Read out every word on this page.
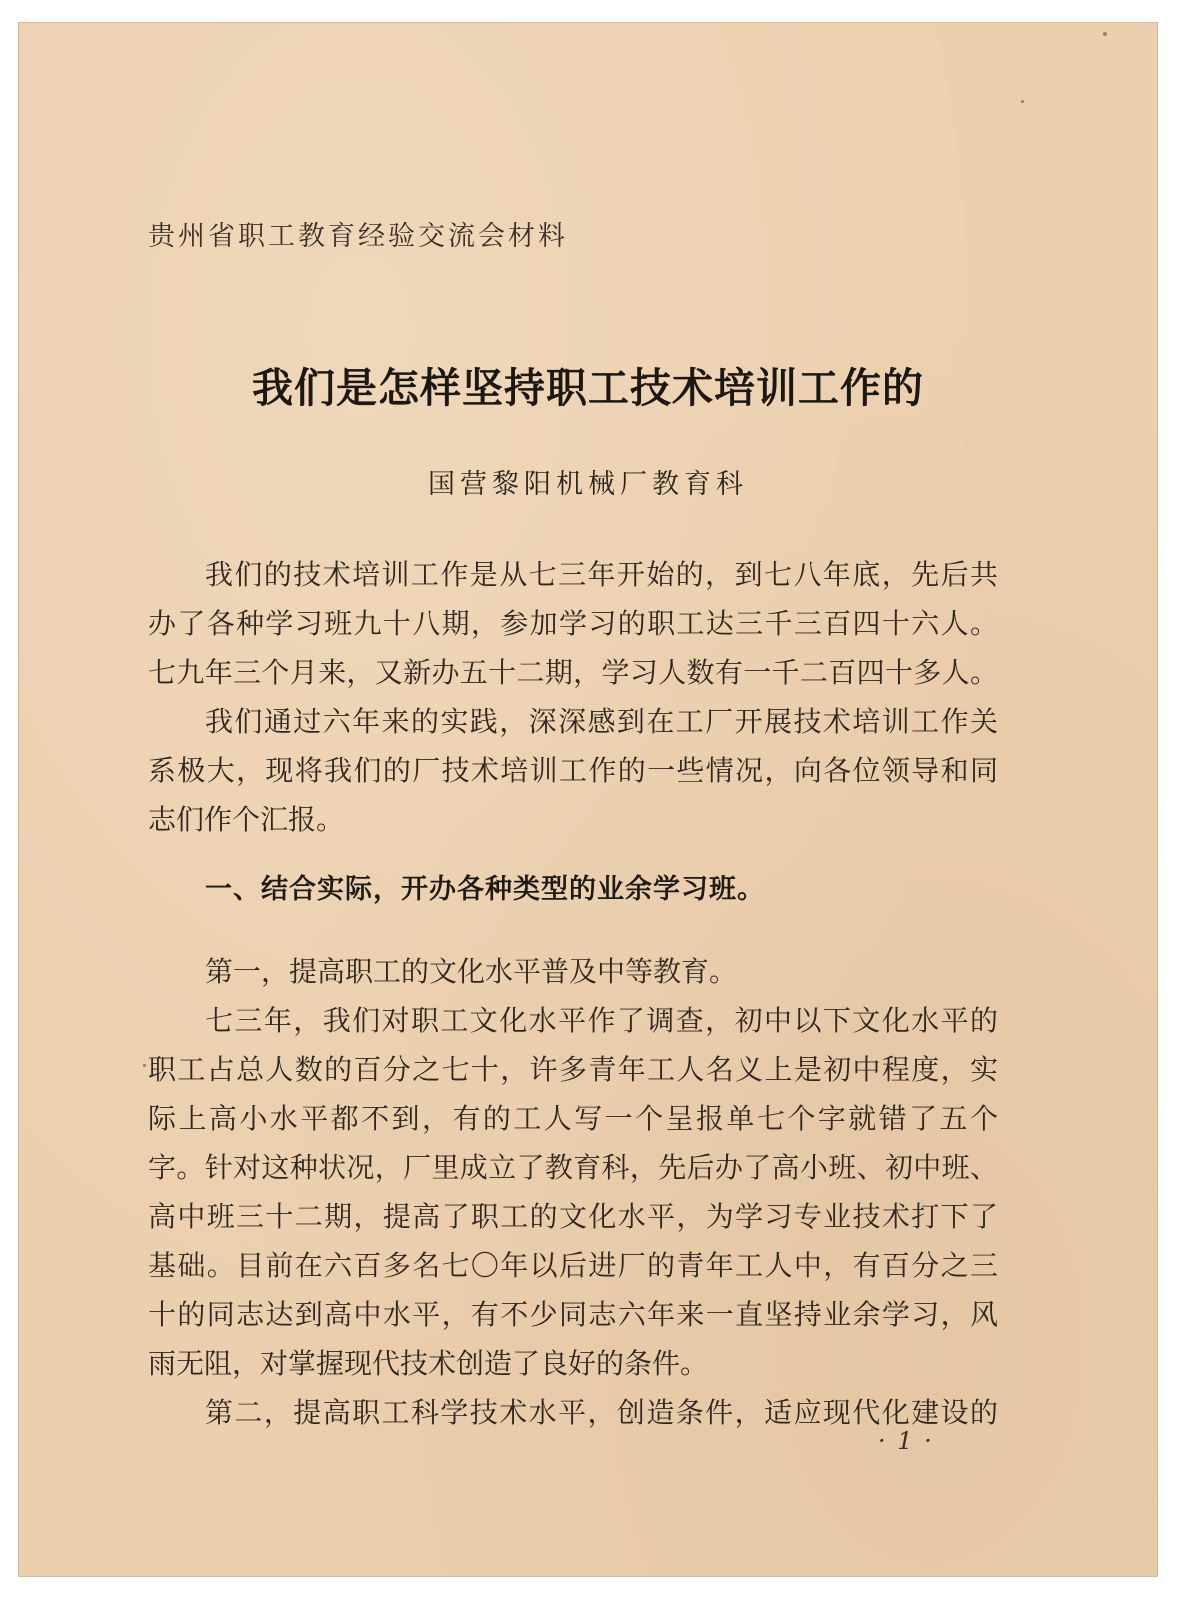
贵州省职工教育经验交流会材料
我们是怎样坚持职工技术培训工作的
国营黎阳机械厂教育科
我们的技术培训工作是从七三年开始的，到七八年底，先后共
办了各种学习班九十八期，参加学习的职工达三千三百四十六人。
七九年三个月来，又新办五十二期，学习人数有一千二百四十多人。
我们通过六年来的实践，深深感到在工厂开展技术培训工作关
系极大，现将我们的厂技术培训工作的一些情况，向各位领导和同
志们作个汇报。
一、结合实际，开办各种类型的业余学习班。
第一，提高职工的文化水平普及中等教育。
七三年，我们对职工文化水平作了调查，初中以下文化水平的
职工占总人数的百分之七十，许多青年工人名义上是初中程度，实
际上高小水平都不到，有的工人写一个呈报单七个字就错了五个
字。针对这种状况，厂里成立了教育科，先后办了高小班、初中班、
高中班三十二期，提高了职工的文化水平，为学习专业技术打下了
基础。目前在六百多名七〇年以后进厂的青年工人中，有百分之三
十的同志达到高中水平，有不少同志六年来一直坚持业余学习，风
雨无阻，对掌握现代技术创造了良好的条件。
第二，提高职工科学技术水平，创造条件，适应现代化建设的
· 1 ·
